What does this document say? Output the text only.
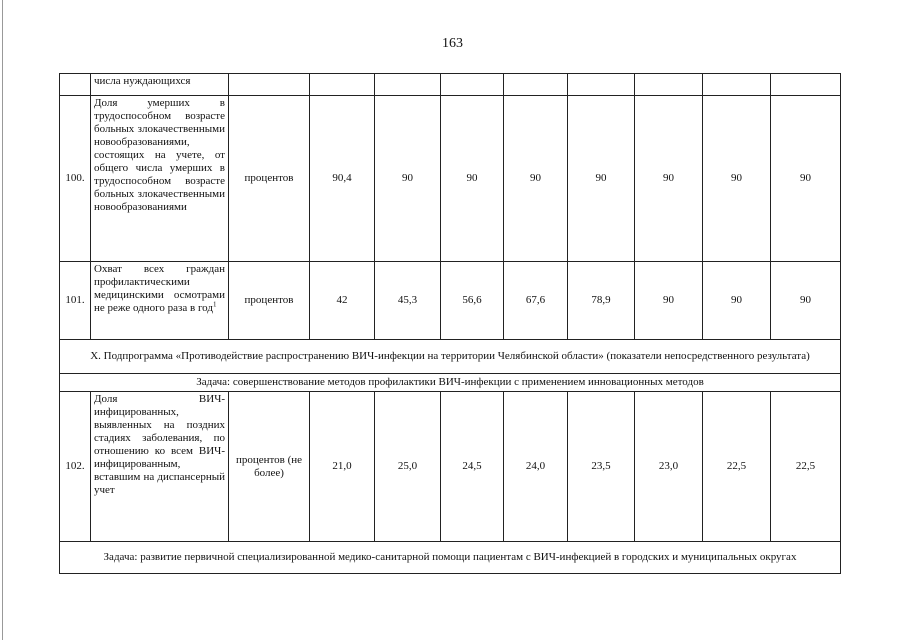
163
	числа нуждающихся									
100.	Доля умерших в трудоспособном возрасте больных злокачественными новообразованиями, состоящих на учете, от общего числа умерших в трудоспособном возрасте больных злокачественными новообразованиями	процентов	90,4	90	90	90	90	90	90	90
101.	Охват всех граждан профилактическими медицинскими осмотрами не реже одного раза в год$^1$	процентов	42	45,3	56,6	67,6	78,9	90	90	90
X. Подпрограмма «Противодействие распространению ВИЧ-инфекции на территории Челябинской области» (показатели непосредственного результата)										
Задача: совершенствование методов профилактики ВИЧ-инфекции с применением инновационных методов										
102.	Доля ВИЧ-инфицированных, выявленных на поздних стадиях заболевания, по отношению ко всем ВИЧ-инфицированным, вставшим на диспансерный учет	процентов (не более)	21,0	25,0	24,5	24,0	23,5	23,0	22,5	22,5
Задача: развитие первичной специализированной медико-санитарной помощи пациентам с ВИЧ-инфекцией в городских и муниципальных округах										
